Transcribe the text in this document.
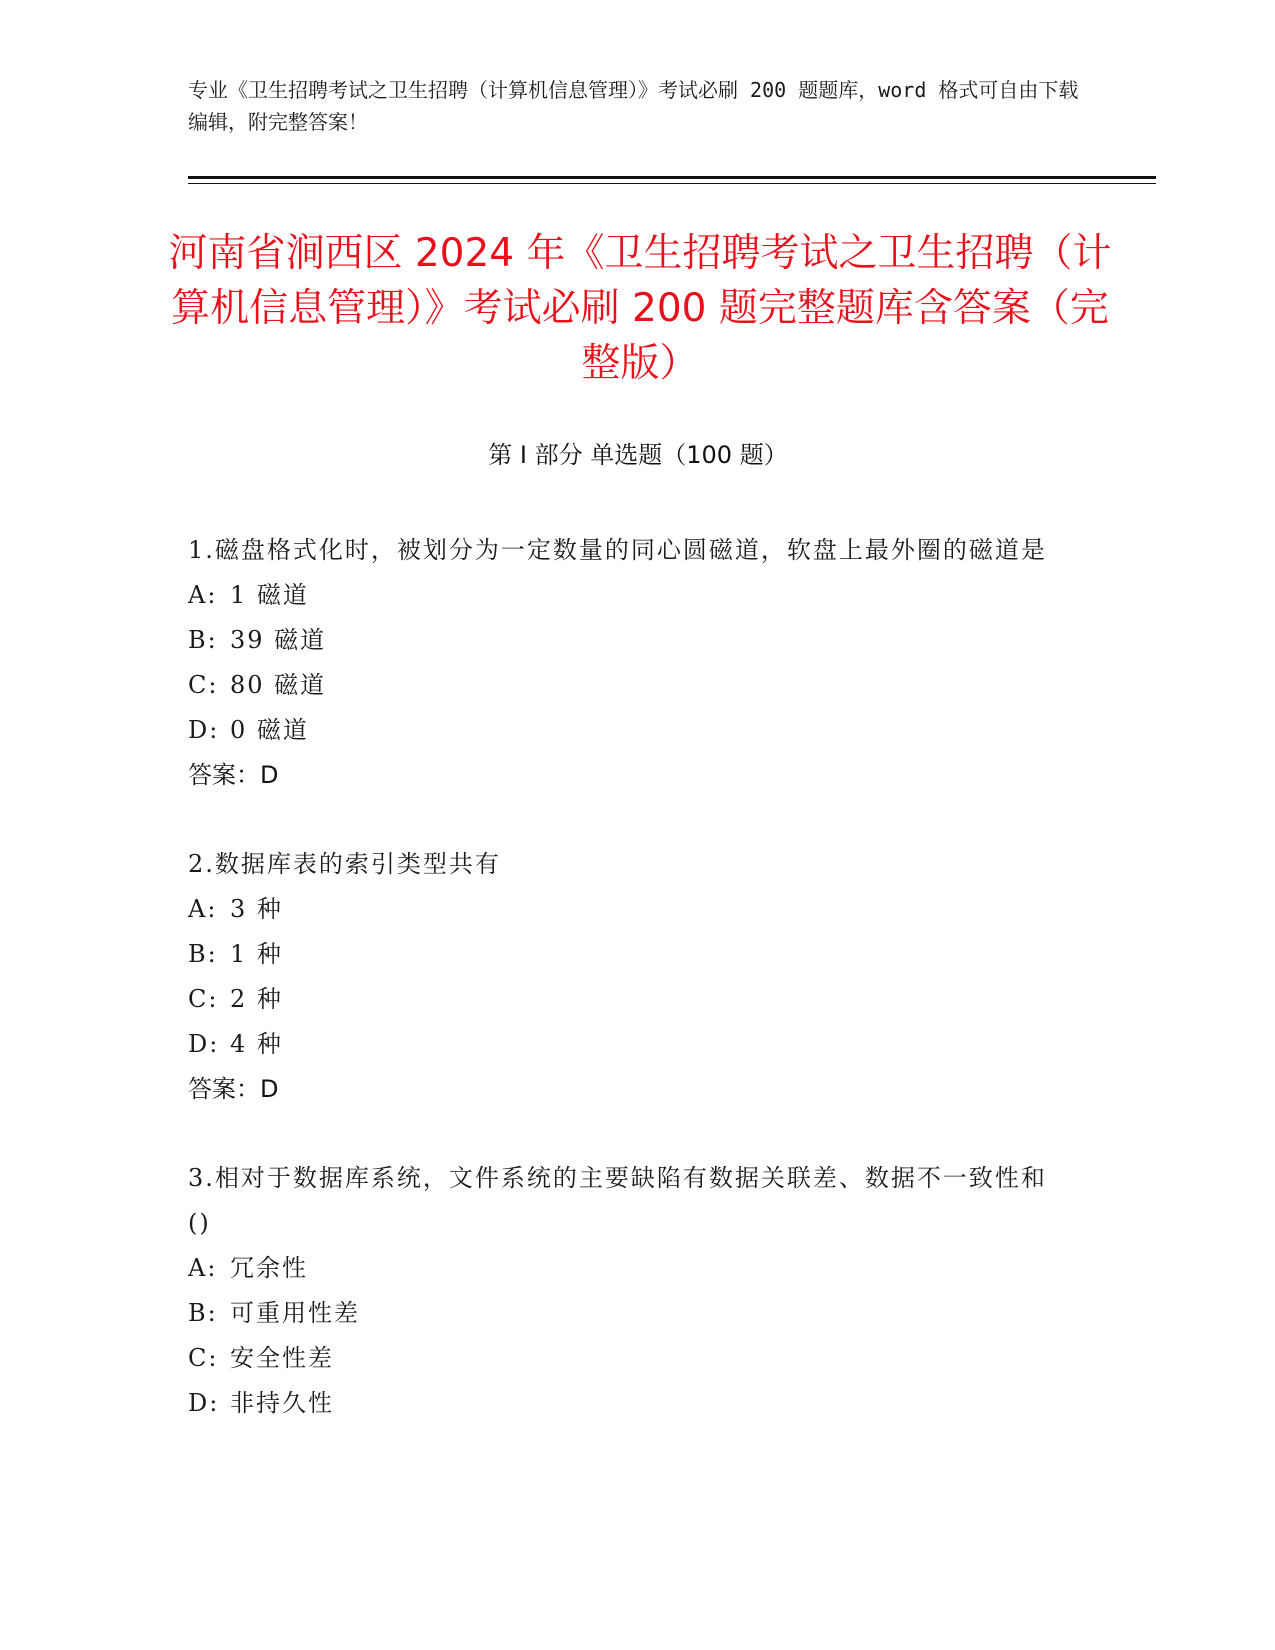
专业《卫生招聘考试之卫生招聘（计算机信息管理）》考试必刷 200 题题库，word 格式可自由下载编辑，附完整答案！
河南省涧西区 2024 年《卫生招聘考试之卫生招聘（计算机信息管理）》考试必刷 200 题完整题库含答案（完整版）
第 I 部分 单选题（100 题）
1.磁盘格式化时，被划分为一定数量的同心圆磁道，软盘上最外圈的磁道是
A: 1 磁道
B: 39 磁道
C: 80 磁道
D: 0 磁道
答案：D
2.数据库表的索引类型共有
A: 3 种
B: 1 种
C: 2 种
D: 4 种
答案：D
3.相对于数据库系统，文件系统的主要缺陷有数据关联差、数据不一致性和()
A: 冗余性
B: 可重用性差
C: 安全性差
D: 非持久性
